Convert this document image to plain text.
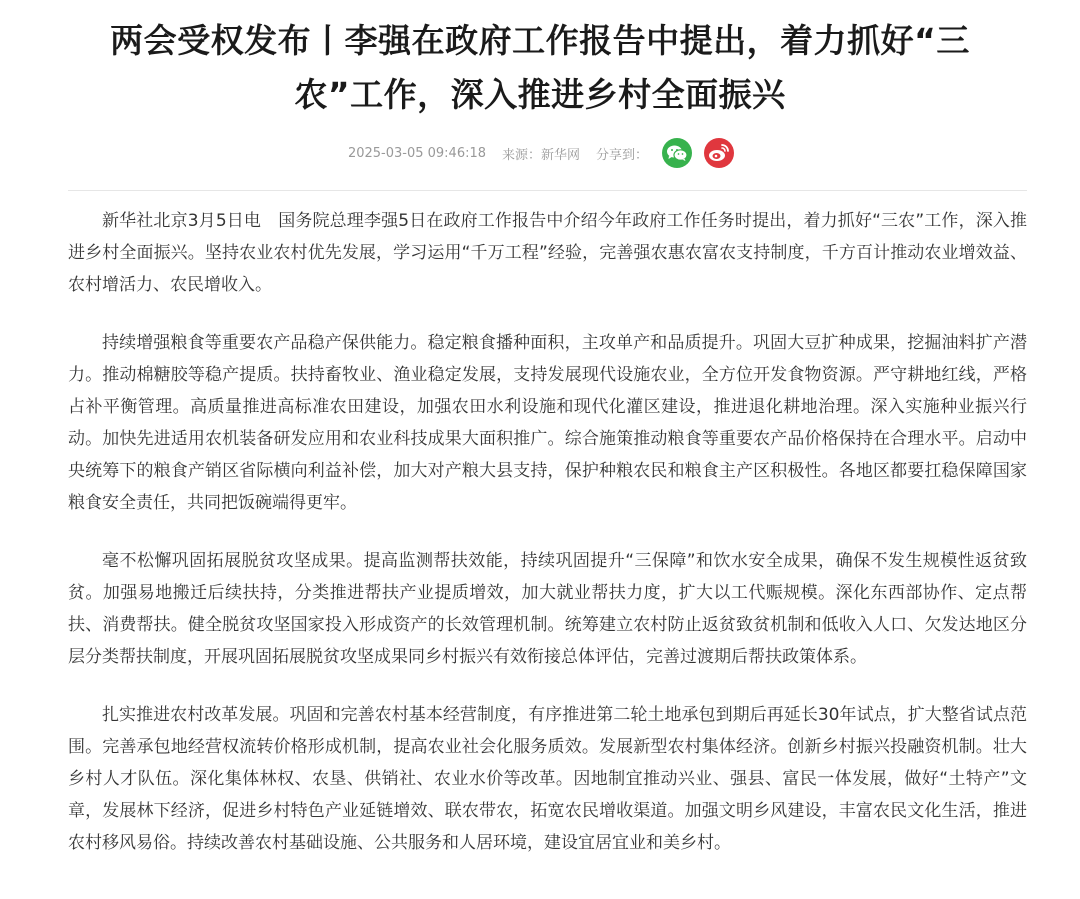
两会受权发布丨李强在政府工作报告中提出，着力抓好“三农”工作，深入推进乡村全面振兴
2025-03-05 09:46:18 来源：新华网 分享到：

新华社北京3月5日电　国务院总理李强5日在政府工作报告中介绍今年政府工作任务时提出，着力抓好“三农”工作，深入推进乡村全面振兴。坚持农业农村优先发展，学习运用“千万工程”经验，完善强农惠农富农支持制度，千方百计推动农业增效益、农村增活力、农民增收入。

持续增强粮食等重要农产品稳产保供能力。稳定粮食播种面积，主攻单产和品质提升。巩固大豆扩种成果，挖掘油料扩产潜力。推动棉糖胶等稳产提质。扶持畜牧业、渔业稳定发展，支持发展现代设施农业，全方位开发食物资源。严守耕地红线，严格占补平衡管理。高质量推进高标准农田建设，加强农田水利设施和现代化灌区建设，推进退化耕地治理。深入实施种业振兴行动。加快先进适用农机装备研发应用和农业科技成果大面积推广。综合施策推动粮食等重要农产品价格保持在合理水平。启动中央统筹下的粮食产销区省际横向利益补偿，加大对产粮大县支持，保护种粮农民和粮食主产区积极性。各地区都要扛稳保障国家粮食安全责任，共同把饭碗端得更牢。

毫不松懈巩固拓展脱贫攻坚成果。提高监测帮扶效能，持续巩固提升“三保障”和饮水安全成果，确保不发生规模性返贫致贫。加强易地搬迁后续扶持，分类推进帮扶产业提质增效，加大就业帮扶力度，扩大以工代赈规模。深化东西部协作、定点帮扶、消费帮扶。健全脱贫攻坚国家投入形成资产的长效管理机制。统筹建立农村防止返贫致贫机制和低收入人口、欠发达地区分层分类帮扶制度，开展巩固拓展脱贫攻坚成果同乡村振兴有效衔接总体评估，完善过渡期后帮扶政策体系。

扎实推进农村改革发展。巩固和完善农村基本经营制度，有序推进第二轮土地承包到期后再延长30年试点，扩大整省试点范围。完善承包地经营权流转价格形成机制，提高农业社会化服务质效。发展新型农村集体经济。创新乡村振兴投融资机制。壮大乡村人才队伍。深化集体林权、农垦、供销社、农业水价等改革。因地制宜推动兴业、强县、富民一体发展，做好“土特产”文章，发展林下经济，促进乡村特色产业延链增效、联农带农，拓宽农民增收渠道。加强文明乡风建设，丰富农民文化生活，推进农村移风易俗。持续改善农村基础设施、公共服务和人居环境，建设宜居宜业和美乡村。
